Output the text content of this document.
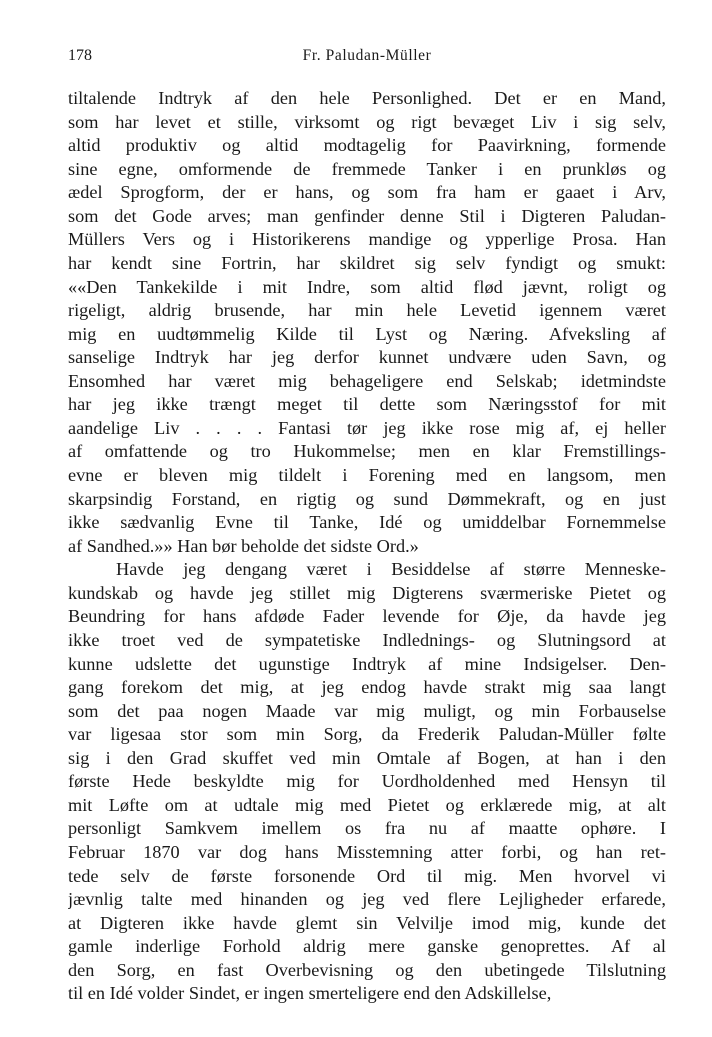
178	Fr. Paludan-Müller
tiltalende Indtryk af den hele Personlighed. Det er en Mand,
som har levet et stille, virksomt og rigt bevæget Liv i sig selv,
altid produktiv og altid modtagelig for Paavirkning, formende
sine egne, omformende de fremmede Tanker i en prunkløs og
ædel Sprogform, der er hans, og som fra ham er gaaet i Arv,
som det Gode arves; man genfinder denne Stil i Digteren Paludan-
Müllers Vers og i Historikerens mandige og ypperlige Prosa. Han
har kendt sine Fortrin, har skildret sig selv fyndigt og smukt:
««Den Tankekilde i mit Indre, som altid flød jævnt, roligt og
rigeligt, aldrig brusende, har min hele Levetid igennem været
mig en uudtømmelig Kilde til Lyst og Næring. Afveksling af
sanselige Indtryk har jeg derfor kunnet undvære uden Savn, og
Ensomhed har været mig behageligere end Selskab; idetmindste
har jeg ikke trængt meget til dette som Næringsstof for mit
aandelige Liv . . . . Fantasi tør jeg ikke rose mig af, ej heller
af omfattende og tro Hukommelse; men en klar Fremstillings-
evne er bleven mig tildelt i Forening med en langsom, men
skarpsindig Forstand, en rigtig og sund Dømmekraft, og en just
ikke sædvanlig Evne til Tanke, Idé og umiddelbar Fornemmelse
af Sandhed.»» Han bør beholde det sidste Ord.»
Havde jeg dengang været i Besiddelse af større Menneske-
kundskab og havde jeg stillet mig Digterens sværmeriske Pietet og
Beundring for hans afdøde Fader levende for Øje, da havde jeg
ikke troet ved de sympatetiske Indlednings- og Slutningsord at
kunne udslette det ugunstige Indtryk af mine Indsigelser. Den-
gang forekom det mig, at jeg endog havde strakt mig saa langt
som det paa nogen Maade var mig muligt, og min Forbauselse
var ligesaa stor som min Sorg, da Frederik Paludan-Müller følte
sig i den Grad skuffet ved min Omtale af Bogen, at han i den
første Hede beskyldte mig for Uordholdenhed med Hensyn til
mit Løfte om at udtale mig med Pietet og erklærede mig, at alt
personligt Samkvem imellem os fra nu af maatte ophøre. I
Februar 1870 var dog hans Misstemning atter forbi, og han ret-
tede selv de første forsonende Ord til mig. Men hvorvel vi
jævnlig talte med hinanden og jeg ved flere Lejligheder erfarede,
at Digteren ikke havde glemt sin Velvilje imod mig, kunde det
gamle inderlige Forhold aldrig mere ganske genoprettes. Af al
den Sorg, en fast Overbevisning og den ubetingede Tilslutning
til en Idé volder Sindet, er ingen smerteligere end den Adskillelse,
